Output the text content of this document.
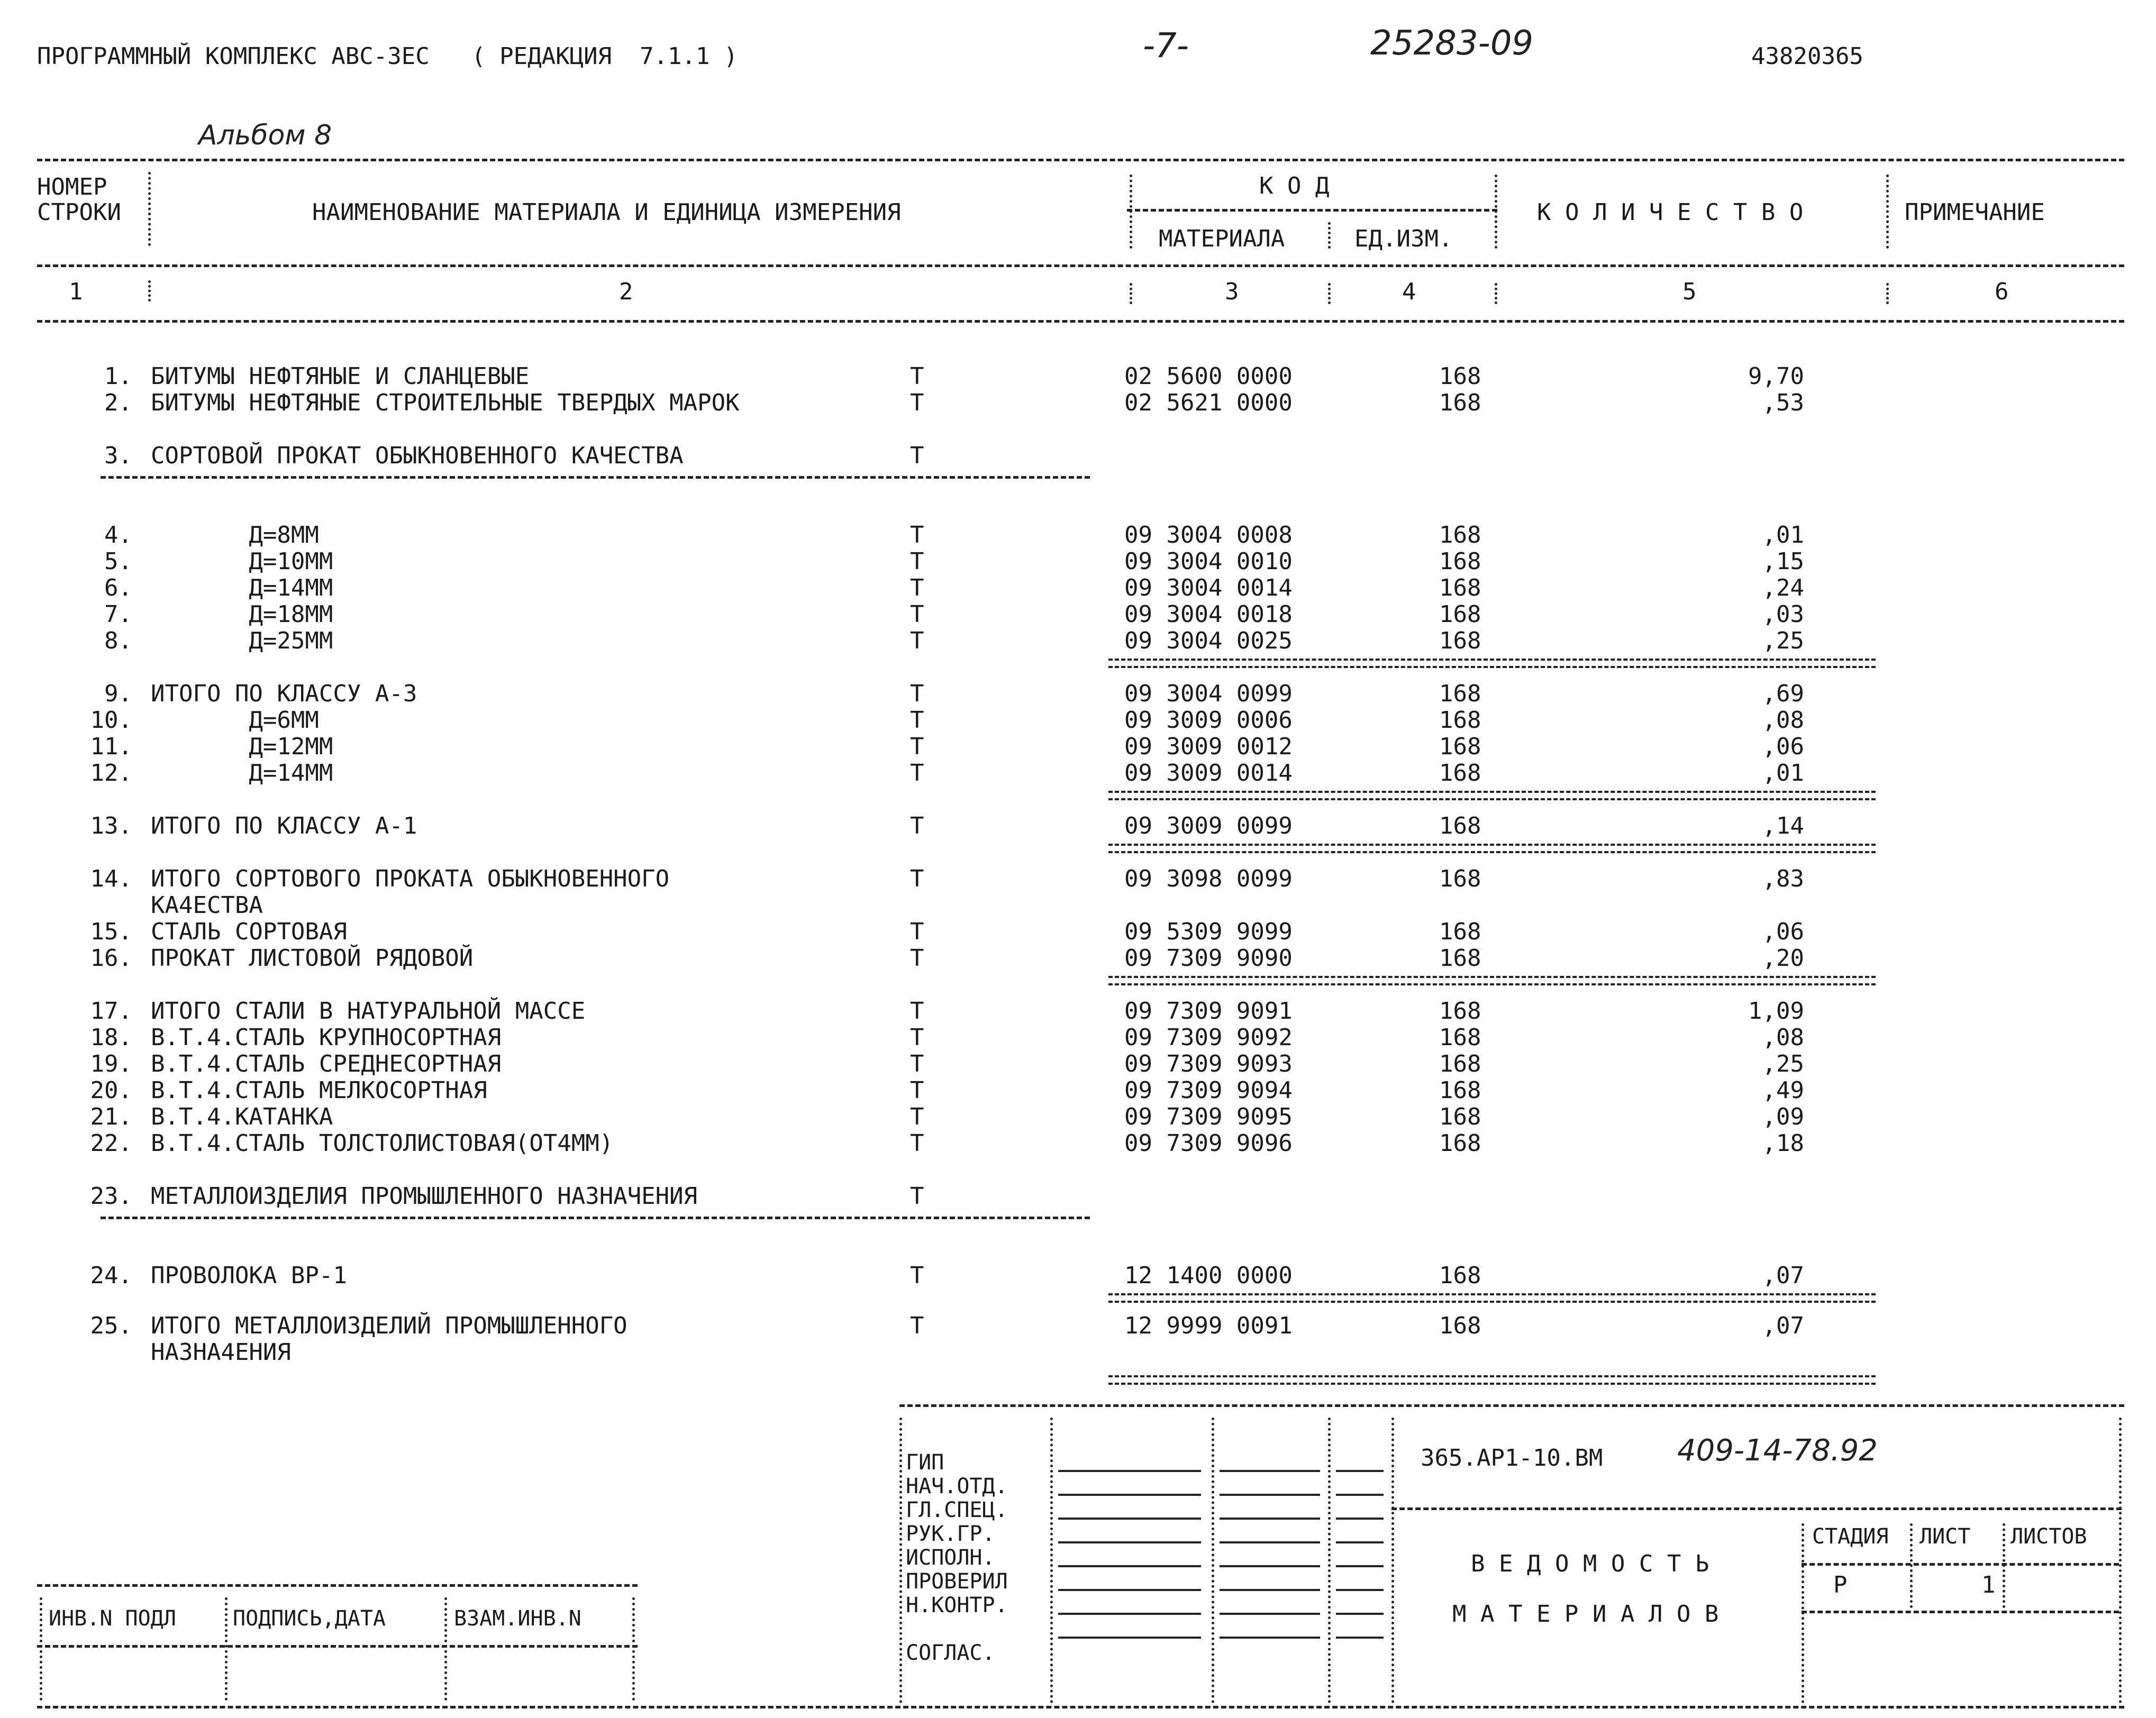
ПРОГРАММНЫЙ КОМПЛЕКС АВС-3ЕС   ( РЕДАКЦИЯ  7.1.1 )	-7-	25283-09	43820365
Альбом 8
НОМЕР
СТРОКИ	НАИМЕНОВАНИЕ МАТЕРИАЛА И ЕДИНИЦА ИЗМЕРЕНИЯ
К О Д
МАТЕРИАЛА	ЕД.ИЗМ.
К О Л И Ч Е С Т В О	ПРИМЕЧАНИЕ
1	2	3	4	5	6
1. БИТУМЫ НЕФТЯНЫЕ И СЛАНЦЕВЫЕ	Т	02 5600 0000	168	9,70
2. БИТУМЫ НЕФТЯНЫЕ СТРОИТЕЛЬНЫЕ ТВЕРДЫХ МАРОК	Т	02 5621 0000	168	,53
3. СОРТОВОЙ ПРОКАТ ОБЫКНОВЕННОГО КАЧЕСТВА	Т
4. Д=8ММ	Т	09 3004 0008	168	,01
5. Д=10ММ	Т	09 3004 0010	168	,15
6. Д=14ММ	Т	09 3004 0014	168	,24
7. Д=18ММ	Т	09 3004 0018	168	,03
8. Д=25ММ	Т	09 3004 0025	168	,25
9. ИТОГО ПО КЛАССУ А-3	Т	09 3004 0099	168	,69
10. Д=6ММ	Т	09 3009 0006	168	,08
11. Д=12ММ	Т	09 3009 0012	168	,06
12. Д=14ММ	Т	09 3009 0014	168	,01
13. ИТОГО ПО КЛАССУ А-1	Т	09 3009 0099	168	,14
14. ИТОГО СОРТОВОГО ПРОКАТА ОБЫКНОВЕННОГО	Т	09 3098 0099	168	,83
КА4ЕСТВА
15. СТАЛЬ СОРТОВАЯ	Т	09 5309 9099	168	,06
16. ПРОКАТ ЛИСТОВОЙ РЯДОВОЙ	Т	09 7309 9090	168	,20
17. ИТОГО СТАЛИ В НАТУРАЛЬНОЙ МАССЕ	Т	09 7309 9091	168	1,09
18. В.Т.4.СТАЛЬ КРУПНОСОРТНАЯ	Т	09 7309 9092	168	,08
19. В.Т.4.СТАЛЬ СРЕДНЕСОРТНАЯ	Т	09 7309 9093	168	,25
20. В.Т.4.СТАЛЬ МЕЛКОСОРТНАЯ	Т	09 7309 9094	168	,49
21. В.Т.4.КАТАНКА	Т	09 7309 9095	168	,09
22. В.Т.4.СТАЛЬ ТОЛСТОЛИСТОВАЯ(ОТ4ММ)	Т	09 7309 9096	168	,18
23. МЕТАЛЛОИЗДЕЛИЯ ПРОМЫШЛЕННОГО НАЗНАЧЕНИЯ	Т
24. ПРОВОЛОКА ВР-1	Т	12 1400 0000	168	,07
25. ИТОГО МЕТАЛЛОИЗДЕЛИЙ ПРОМЫШЛЕННОГО	Т	12 9999 0091	168	,07
НАЗНА4ЕНИЯ
ГИП
НАЧ.ОТД.
ГЛ.СПЕЦ.
РУК.ГР.
ИСПОЛН.
ПРОВЕРИЛ
Н.КОНТР.
СОГЛАС.
365.АР1-10.ВМ	409-14-78.92
В Е Д О М О С Т Ь
М А Т Е Р И А Л О В
СТАДИЯ ЛИСТ ЛИСТОВ
Р	1
ИНВ.N ПОДЛ	ПОДПИСЬ,ДАТА	ВЗАМ.ИНВ.N
